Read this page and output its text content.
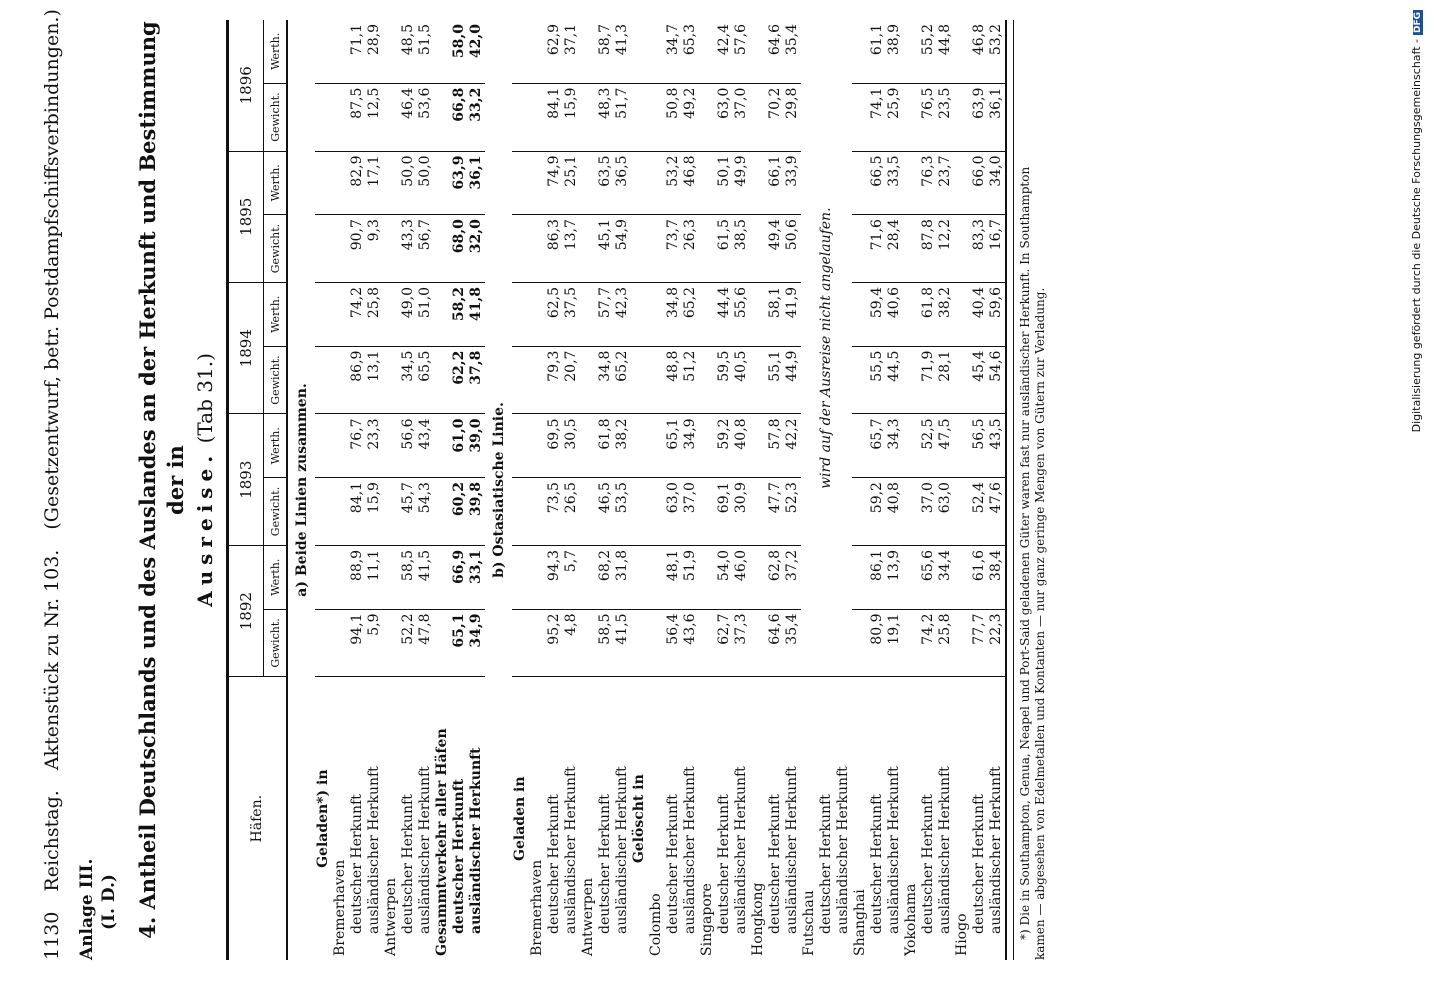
1130 Reichstag. Aktenstück zu Nr. 103. (Gesetzentwurf, betr. Postdampfschiffsverbindungen.)
Anlage III. (I. D.) 4. Antheil Deutschlands und des Auslandes an der Herkunft und Bestimmung der in Ausreise. (Tab 31.)
Häfen.	1892		1893		1894		1895		1896	
	Gewicht.	Werth.	Gewicht.	Werth.	Gewicht.	Werth.	Gewicht.	Werth.	Gewicht.	Werth.
a) Beide Linien zusammen.										
Geladen*) in										
Bremerhaven										
deutscher Herkunft	94,1	88,9	84,1	76,7	86,9	74,2	90,7	82,9	87,5	71,1
ausländischer Herkunft	5,9	11,1	15,9	23,3	13,1	25,8	9,3	17,1	12,5	28,9
Antwerpen										
deutscher Herkunft	52,2	58,5	45,7	56,6	34,5	49,0	43,3	50,0	46,4	48,5
ausländischer Herkunft	47,8	41,5	54,3	43,4	65,5	51,0	56,7	50,0	53,6	51,5
Gesammtverkehr aller Häfen										
deutscher Herkunft	65,1	66,9	60,2	61,0	62,2	58,2	68,0	63,9	66,8	58,0
ausländischer Herkunft	34,9	33,1	39,8	39,0	37,8	41,8	32,0	36,1	33,2	42,0
b) Ostasiatische Linie.										
Geladen in										
Bremerhaven										
deutscher Herkunft	95,2	94,3	73,5	69,5	79,3	62,5	86,3	74,9	84,1	62,9
ausländischer Herkunft	4,8	5,7	26,5	30,5	20,7	37,5	13,7	25,1	15,9	37,1
Antwerpen										
deutscher Herkunft	58,5	68,2	46,5	61,8	34,8	57,7	45,1	63,5	48,3	58,7
ausländischer Herkunft	41,5	31,8	53,5	38,2	65,2	42,3	54,9	36,5	51,7	41,3
Gelöscht in										
Colombo										
deutscher Herkunft	56,4	48,1	63,0	65,1	48,8	34,8	73,7	53,2	50,8	34,7
ausländischer Herkunft	43,6	51,9	37,0	34,9	51,2	65,2	26,3	46,8	49,2	65,3
Singapore										
deutscher Herkunft	62,7	54,0	69,1	59,2	59,5	44,4	61,5	50,1	63,0	42,4
ausländischer Herkunft	37,3	46,0	30,9	40,8	40,5	55,6	38,5	49,9	37,0	57,6
Hongkong										
deutscher Herkunft	64,6	62,8	47,7	57,8	55,1	58,1	49,4	66,1	70,2	64,6
ausländischer Herkunft	35,4	37,2	52,3	42,2	44,9	41,9	50,6	33,9	29,8	35,4
Futschau	wird auf der Ausreise nicht angelaufen.									
deutscher Herkunft										
ausländischer Herkunft										
Shanghai										
deutscher Herkunft	80,9	86,1	59,2	65,7	55,5	59,4	71,6	66,5	74,1	61,1
ausländischer Herkunft	19,1	13,9	40,8	34,3	44,5	40,6	28,4	33,5	25,9	38,9
Yokohama										
deutscher Herkunft	74,2	65,6	37,0	52,5	71,9	61,8	87,8	76,3	76,5	55,2
ausländischer Herkunft	25,8	34,4	63,0	47,5	28,1	38,2	12,2	23,7	23,5	44,8
Hiogo										
deutscher Herkunft	77,7	61,6	52,4	56,5	45,4	40,4	83,3	66,0	63,9	46,8
ausländischer Herkunft	22,3	38,4	47,6	43,5	54,6	59,6	16,7	34,0	36,1	53,2
*) Die in Southampton, Genua, Neapel und Port-Said geladenen Güter waren fast nur ausländischer Herkunft. In Southampton kamen — abgesehen von Edelmetallen und Kontanten — nur ganz geringe Mengen von Gütern zur Verladung.
Digitalisierung gefördert durch die Deutsche Forschungsgemeinschaft -DFG
